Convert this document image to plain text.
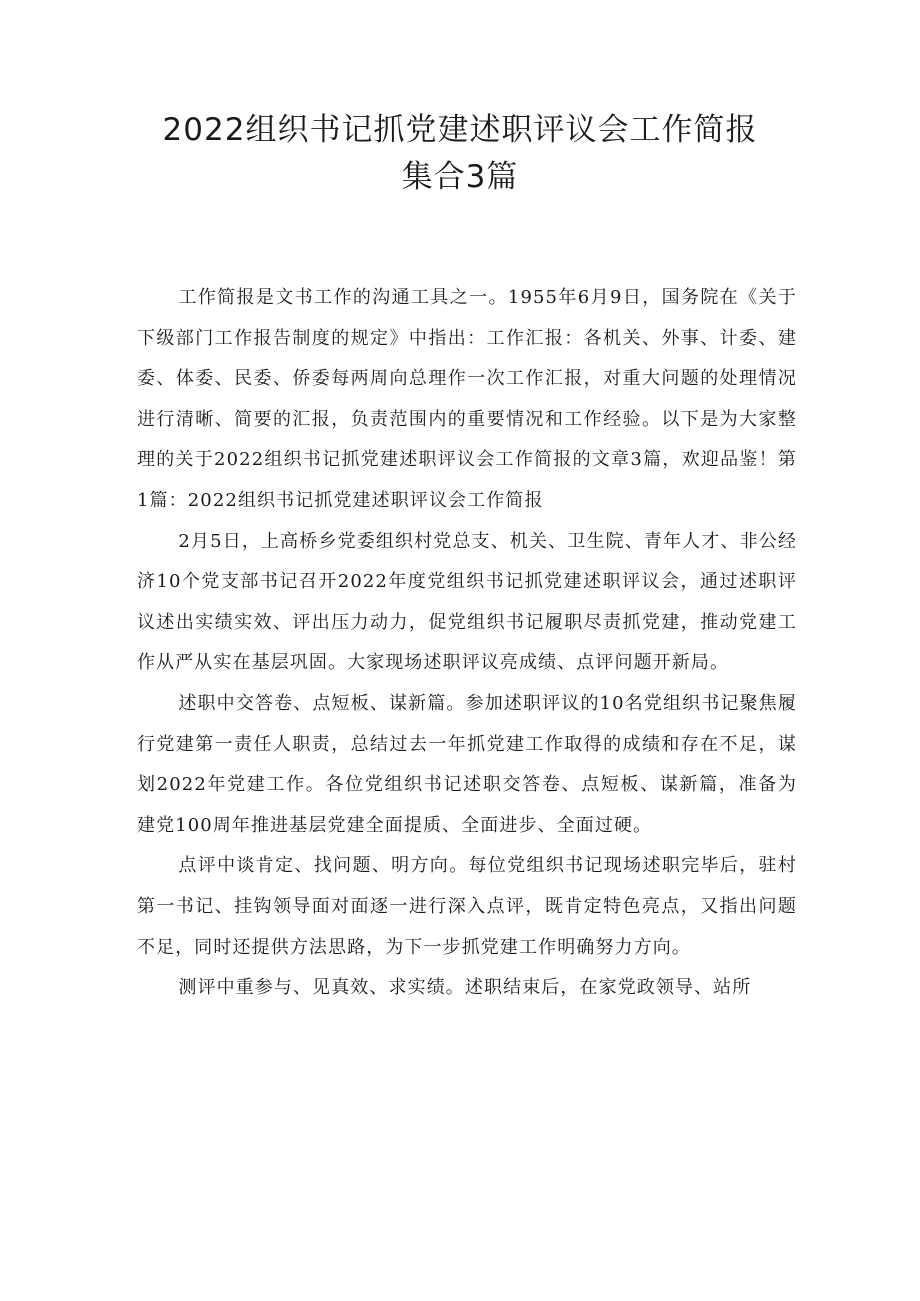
2022组织书记抓党建述职评议会工作简报
集合3篇

工作简报是文书工作的沟通工具之一。1955年6月9日，国务院在《关于下级部门工作报告制度的规定》中指出：工作汇报：各机关、外事、计委、建委、体委、民委、侨委每两周向总理作一次工作汇报，对重大问题的处理情况进行清晰、简要的汇报，负责范围内的重要情况和工作经验。以下是为大家整理的关于2022组织书记抓党建述职评议会工作简报的文章3篇，欢迎品鉴！第1篇：2022组织书记抓党建述职评议会工作简报

2月5日，上高桥乡党委组织村党总支、机关、卫生院、青年人才、非公经济10个党支部书记召开2022年度党组织书记抓党建述职评议会，通过述职评议述出实绩实效、评出压力动力，促党组织书记履职尽责抓党建，推动党建工作从严从实在基层巩固。大家现场述职评议亮成绩、点评问题开新局。

述职中交答卷、点短板、谋新篇。参加述职评议的10名党组织书记聚焦履行党建第一责任人职责，总结过去一年抓党建工作取得的成绩和存在不足，谋划2022年党建工作。各位党组织书记述职交答卷、点短板、谋新篇，准备为建党100周年推进基层党建全面提质、全面进步、全面过硬。

点评中谈肯定、找问题、明方向。每位党组织书记现场述职完毕后，驻村第一书记、挂钩领导面对面逐一进行深入点评，既肯定特色亮点，又指出问题不足，同时还提供方法思路，为下一步抓党建工作明确努力方向。

测评中重参与、见真效、求实绩。述职结束后，在家党政领导、站所
